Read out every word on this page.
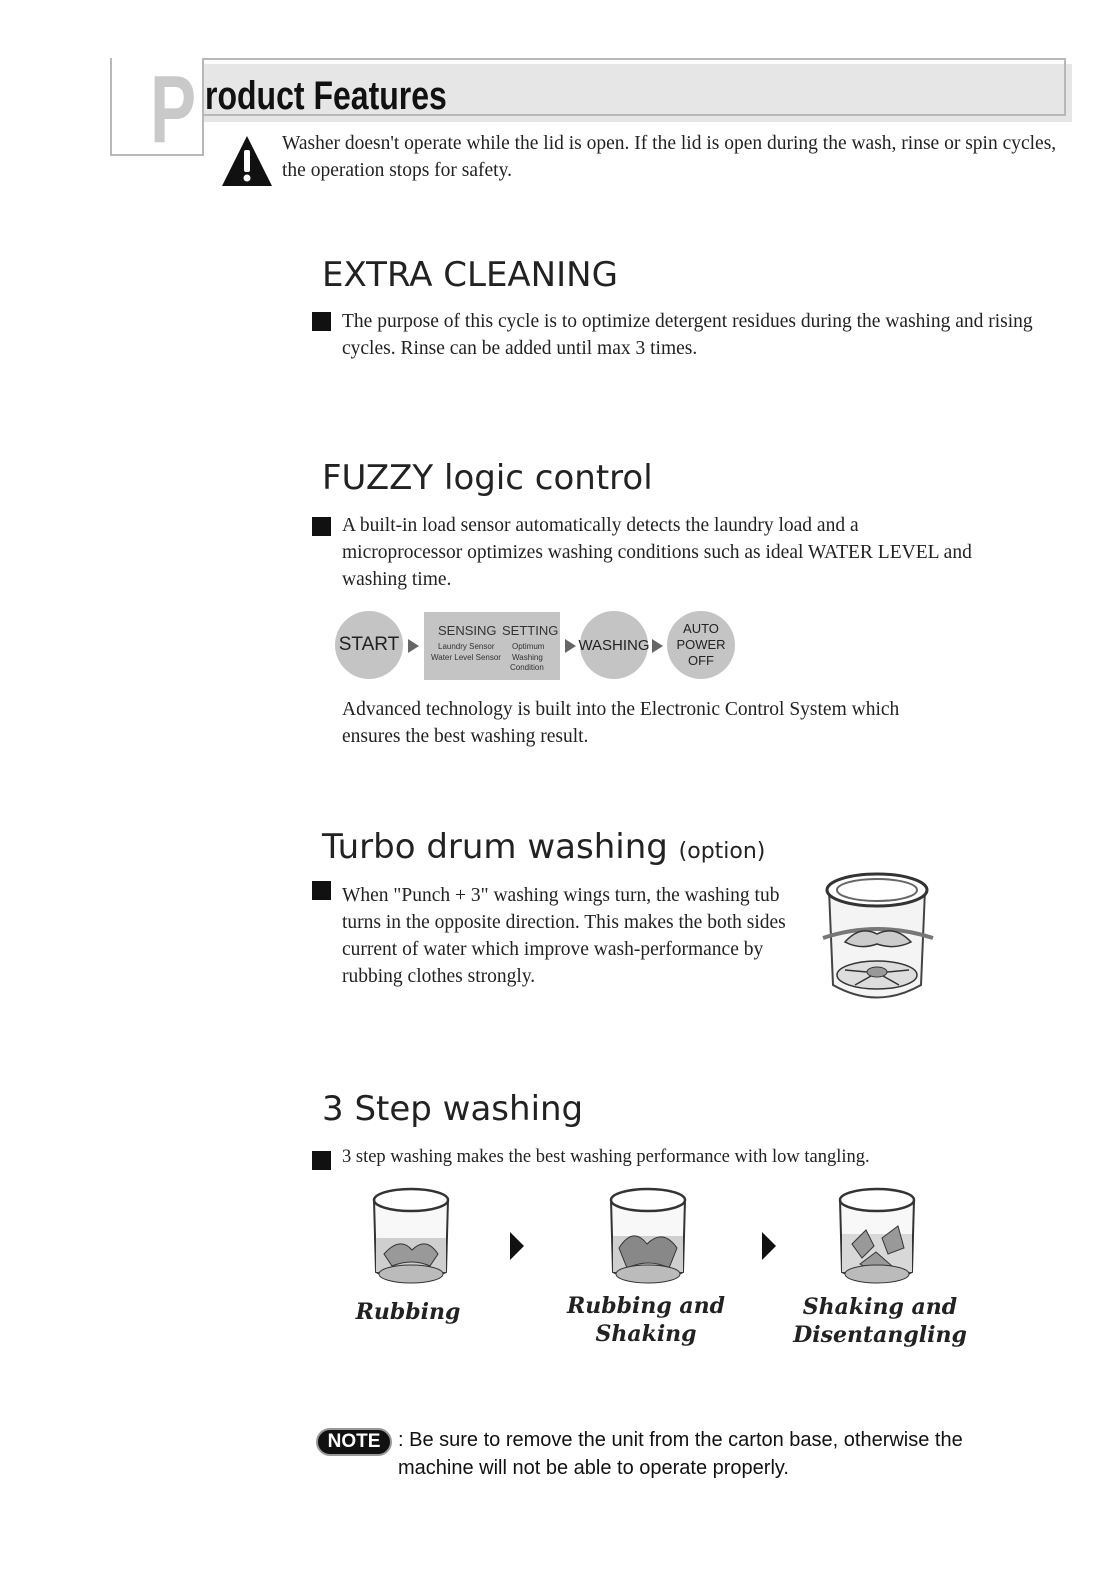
P roduct Features
Washer doesn't operate while the lid is open. If the lid is open during the wash, rinse or spin cycles, the operation stops for safety.
EXTRA CLEANING
The purpose of this cycle is to optimize detergent residues during the washing and rising cycles. Rinse can be added until max 3 times.
FUZZY logic control
A built-in load sensor automatically detects the laundry load and a microprocessor optimizes washing conditions such as ideal WATER LEVEL and washing time.
START
SENSING SETTING
Laundry Sensor
Water Level Sensor
Optimum
Washing
Condition
WASHING
AUTO
POWER
OFF
Advanced technology is built into the Electronic Control System which ensures the best washing result.
Turbo drum washing (option)
When "Punch + 3" washing wings turn, the washing tub turns in the opposite direction. This makes the both sides current of water which improve wash-performance by rubbing clothes strongly.
3 Step washing
3 step washing makes the best washing performance with low tangling.
Rubbing	Rubbing and
Shaking
Shaking and
Disentangling
NOTE : Be sure to remove the unit from the carton base, otherwise the machine will not be able to operate properly.
